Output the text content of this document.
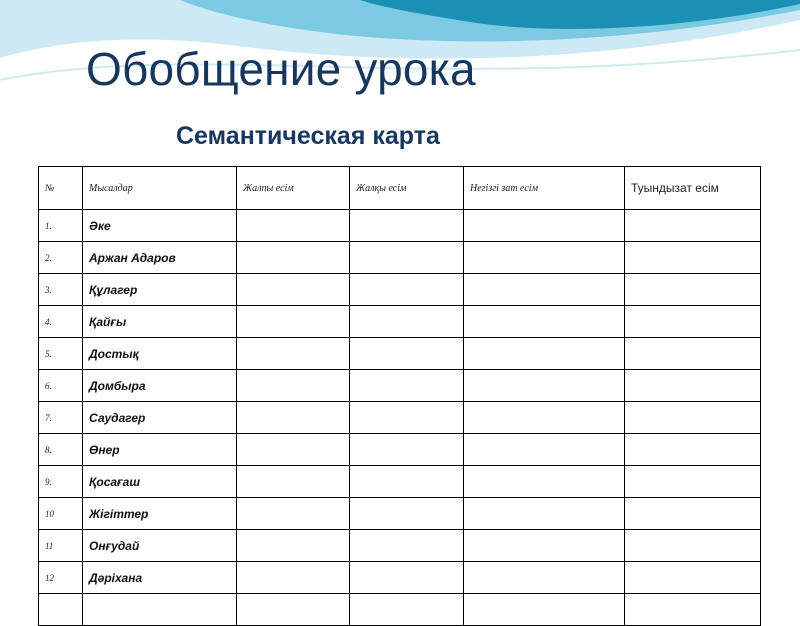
Обобщение урока
Семантическая карта
№	Мысалдар	Жалпы есім	Жалқы есім	Негізгі зат есім	Туындызат есім
1.	Әке				
2.	Аржан Адаров				
3.	Құлагер				
4.	Қайғы				
5.	Достық				
6.	Домбыра				
7.	Саудагер				
8.	Өнер				
9.	Қосағаш				
10	Жігіттер				
11	Онғудай				
12	Дәріхана				
